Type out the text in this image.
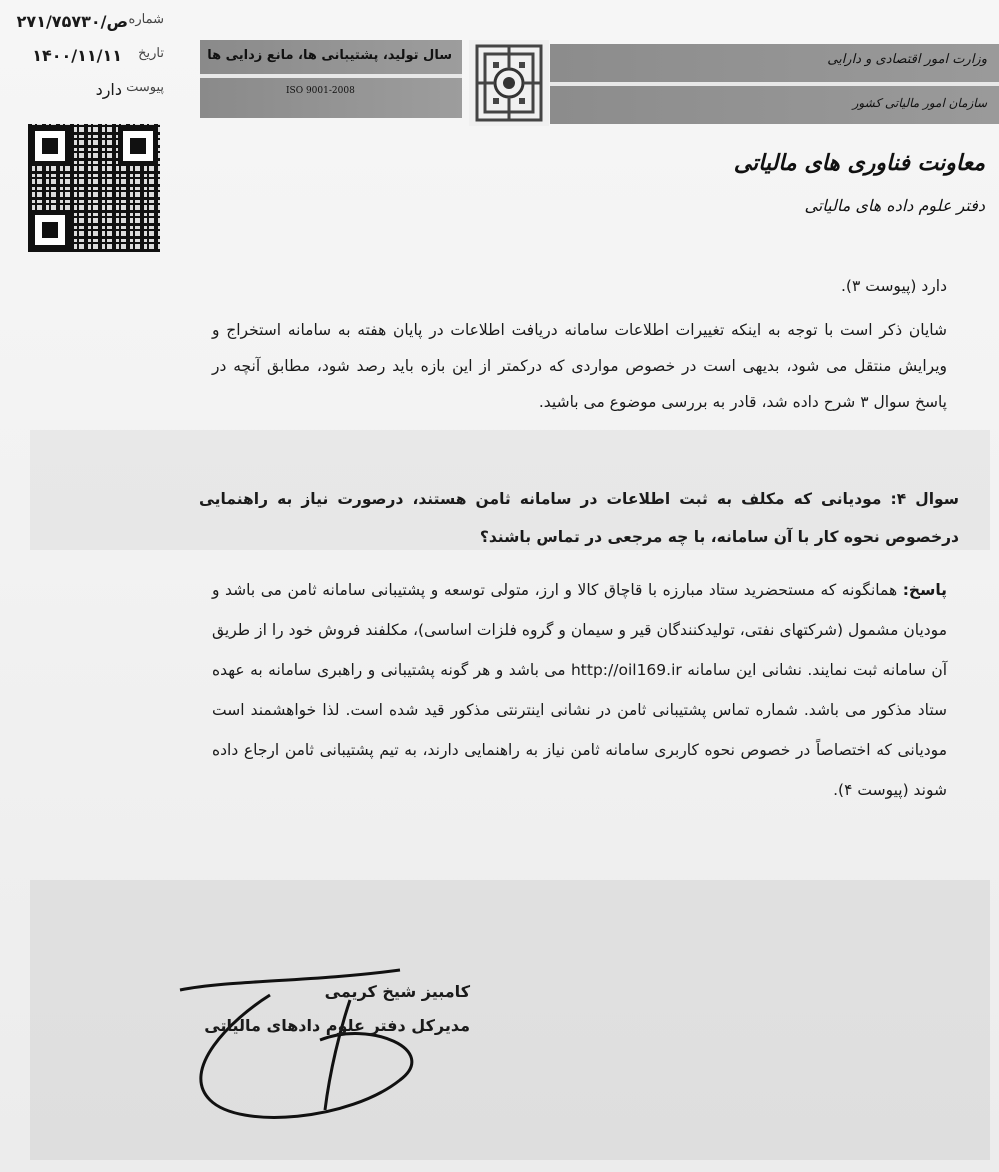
شماره
ص/۲۷۱/۷۵۷۳۰
تاریخ
۱۴۰۰/۱۱/۱۱
پیوست
دارد
سال تولید، پشتیبانی ها، مانع زدایی ها
ISO 9001-2008
وزارت امور اقتصادی و دارایی
سازمان امور مالیاتی کشور
معاونت فناوری های مالیاتی
دفتر علوم داده های مالیاتی
دارد (پیوست ۳).
شایان ذکر است با توجه به اینکه تغییرات اطلاعات سامانه دریافت اطلاعات در پایان هفته به سامانه استخراج و ویرایش منتقل می شود، بدیهی است در خصوص مواردی که درکمتر از این بازه باید رصد شود، مطابق آنچه در پاسخ سوال ۳ شرح داده شد، قادر به بررسی موضوع می باشید.
سوال ۴: مودیانی که مکلف به ثبت اطلاعات در سامانه ثامن هستند، درصورت نیاز به راهنمایی درخصوص نحوه کار با آن سامانه، با چه مرجعی در تماس باشند؟
پاسخ: همانگونه که مستحضرید ستاد مبارزه با قاچاق کالا و ارز، متولی توسعه و پشتیبانی سامانه ثامن می باشد و مودیان مشمول (شرکتهای نفتی، تولیدکنندگان قیر و سیمان و گروه فلزات اساسی)، مکلفند فروش خود را از طریق آن سامانه ثبت نمایند. نشانی این سامانه http://oil169.ir می باشد و هر گونه پشتیبانی و راهبری سامانه به عهده ستاد مذکور می باشد. شماره تماس پشتیبانی ثامن در نشانی اینترنتی مذکور قید شده است. لذا خواهشمند است مودیانی که اختصاصاً در خصوص نحوه کاربری سامانه ثامن نیاز به راهنمایی دارند، به تیم پشتیبانی ثامن ارجاع داده شوند (پیوست ۴).
کامبیز شیخ کریمی
مدیرکل دفتر علوم دادهای مالیاتی
